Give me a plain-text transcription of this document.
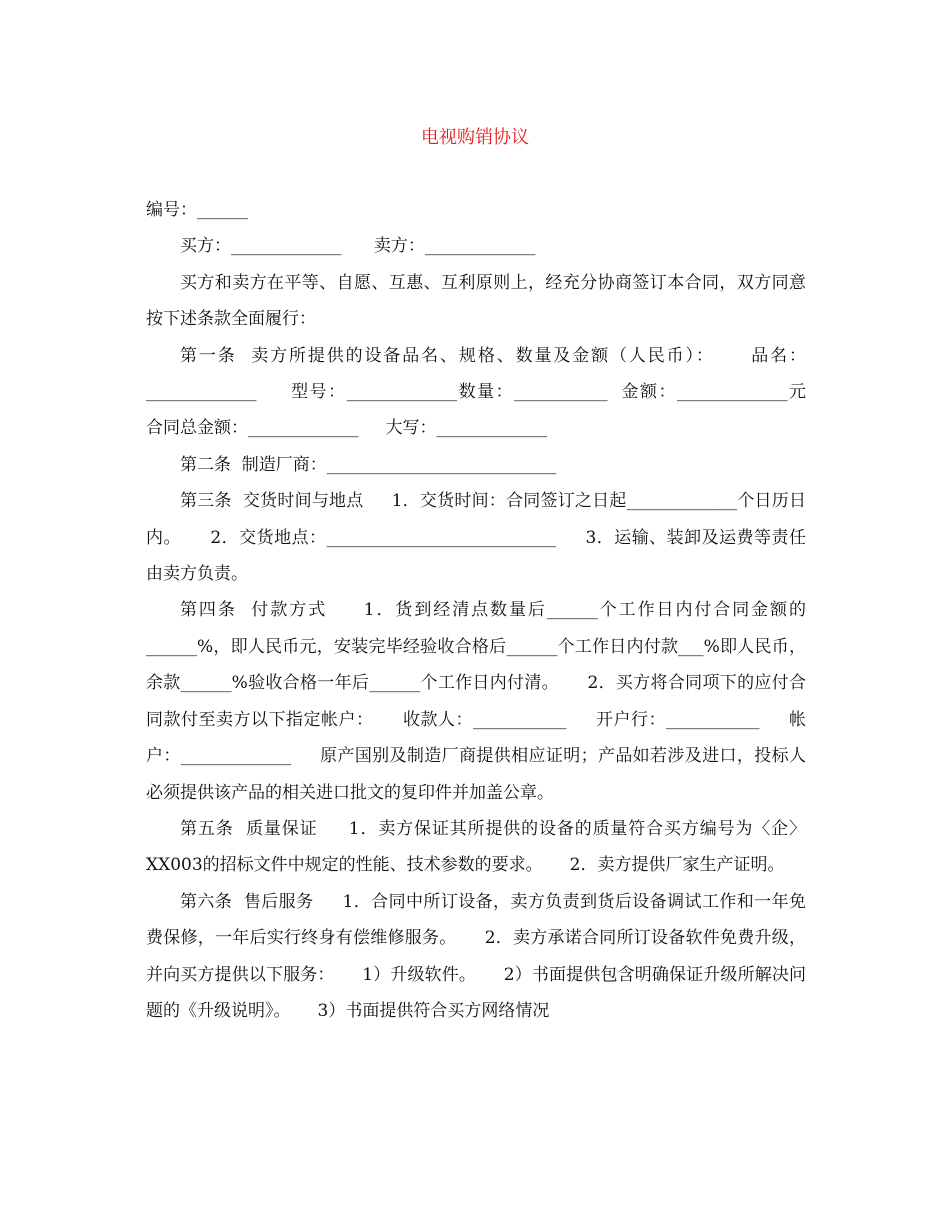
电视购销协议

编号：______

买方：_____________      卖方：_____________

买方和卖方在平等、自愿、互惠、互利原则上，经充分协商签订本合同，双方同意按下述条款全面履行：

第一条  卖方所提供的设备品名、规格、数量及金额（人民币）：     品名：_____________     型号：_____________数量：___________  金额：_____________元     合同总金额：_____________     大写：_____________

第二条  制造厂商：___________________________

第三条  交货时间与地点     1．交货时间：合同签订之日起_____________个日历日内。     2．交货地点：___________________________     3．运输、装卸及运费等责任由卖方负责。

第四条  付款方式     1．货到经清点数量后______个工作日内付合同金额的______%，即人民币元，安装完毕经验收合格后______个工作日内付款___%即人民币，余款______%验收合格一年后______个工作日内付清。     2．买方将合同项下的应付合同款付至卖方以下指定帐户：     收款人：___________     开户行：___________     帐户：_____________     原产国别及制造厂商提供相应证明；产品如若涉及进口，投标人必须提供该产品的相关进口批文的复印件并加盖公章。

第五条  质量保证     1．卖方保证其所提供的设备的质量符合买方编号为〈企〉XX003的招标文件中规定的性能、技术参数的要求。     2．卖方提供厂家生产证明。

第六条  售后服务     1．合同中所订设备，卖方负责到货后设备调试工作和一年免费保修，一年后实行终身有偿维修服务。     2．卖方承诺合同所订设备软件免费升级，并向买方提供以下服务：     1）升级软件。     2）书面提供包含明确保证升级所解决问题的《升级说明》。     3）书面提供符合买方网络情况
